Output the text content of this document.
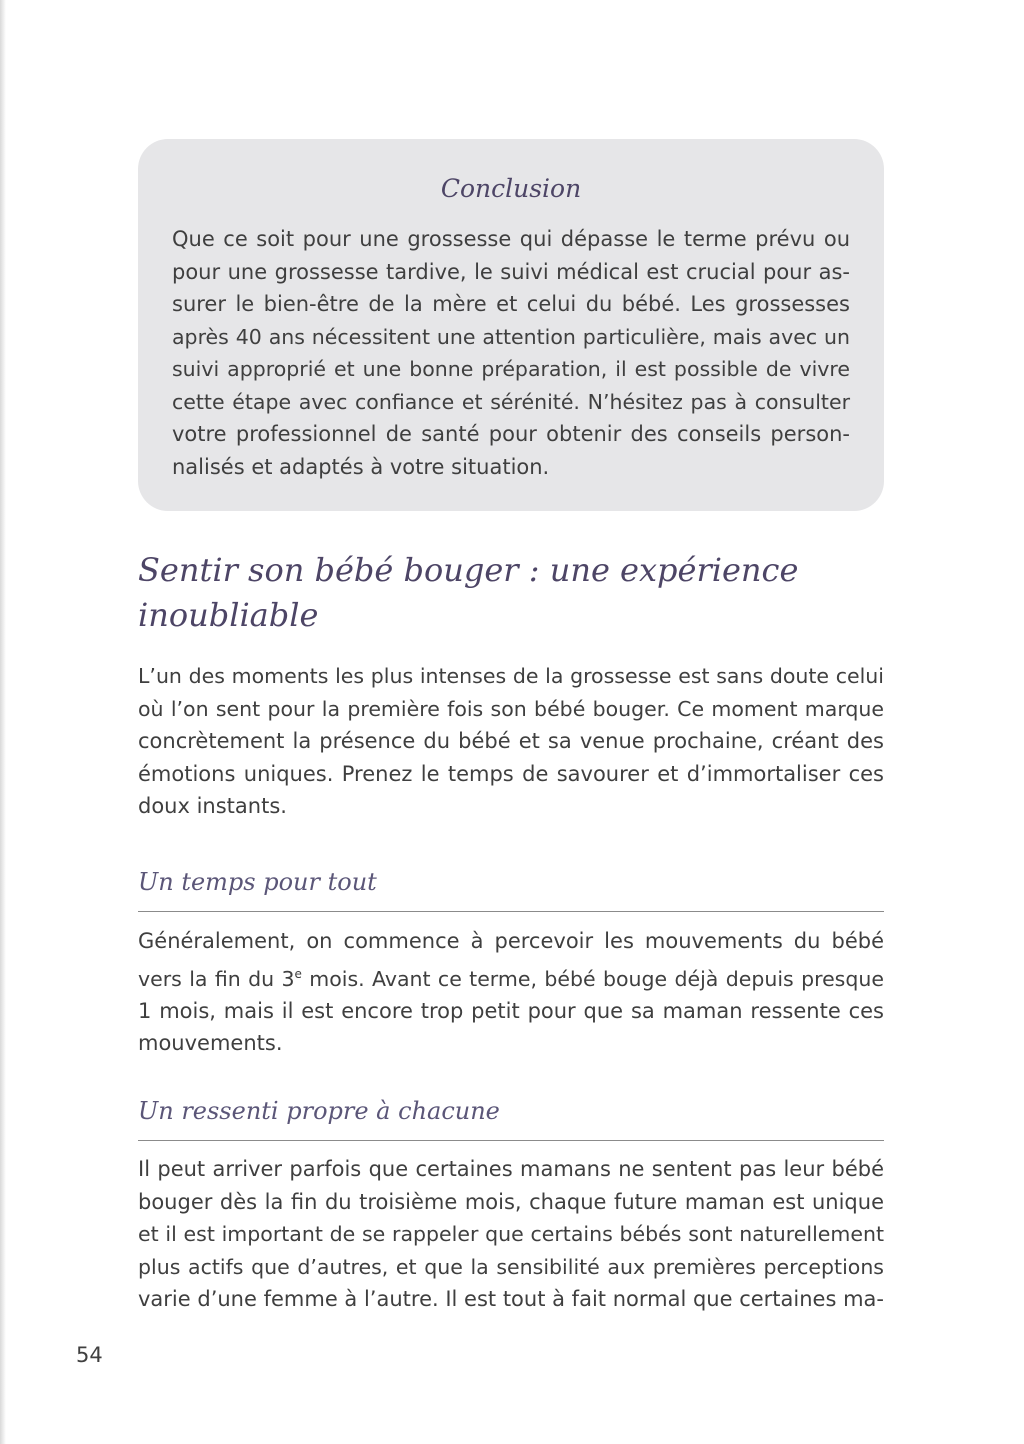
Conclusion
Que ce soit pour une grossesse qui dépasse le terme prévu ou
pour une grossesse tardive, le suivi médical est crucial pour as-
surer le bien-être de la mère et celui du bébé. Les grossesses
après 40 ans nécessitent une attention particulière, mais avec un
suivi approprié et une bonne préparation, il est possible de vivre
cette étape avec confiance et sérénité. N’hésitez pas à consulter
votre professionnel de santé pour obtenir des conseils person-
nalisés et adaptés à votre situation.
Sentir son bébé bouger : une expérience
inoubliable
L’un des moments les plus intenses de la grossesse est sans doute celui
où l’on sent pour la première fois son bébé bouger. Ce moment marque
concrètement la présence du bébé et sa venue prochaine, créant des
émotions uniques. Prenez le temps de savourer et d’immortaliser ces
doux instants.
Un temps pour tout
Généralement, on commence à percevoir les mouvements du bébé
vers la fin du 3e mois. Avant ce terme, bébé bouge déjà depuis presque
1 mois, mais il est encore trop petit pour que sa maman ressente ces
mouvements.
Un ressenti propre à chacune
Il peut arriver parfois que certaines mamans ne sentent pas leur bébé
bouger dès la fin du troisième mois, chaque future maman est unique
et il est important de se rappeler que certains bébés sont naturellement
plus actifs que d’autres, et que la sensibilité aux premières perceptions
varie d’une femme à l’autre. Il est tout à fait normal que certaines ma-
54
